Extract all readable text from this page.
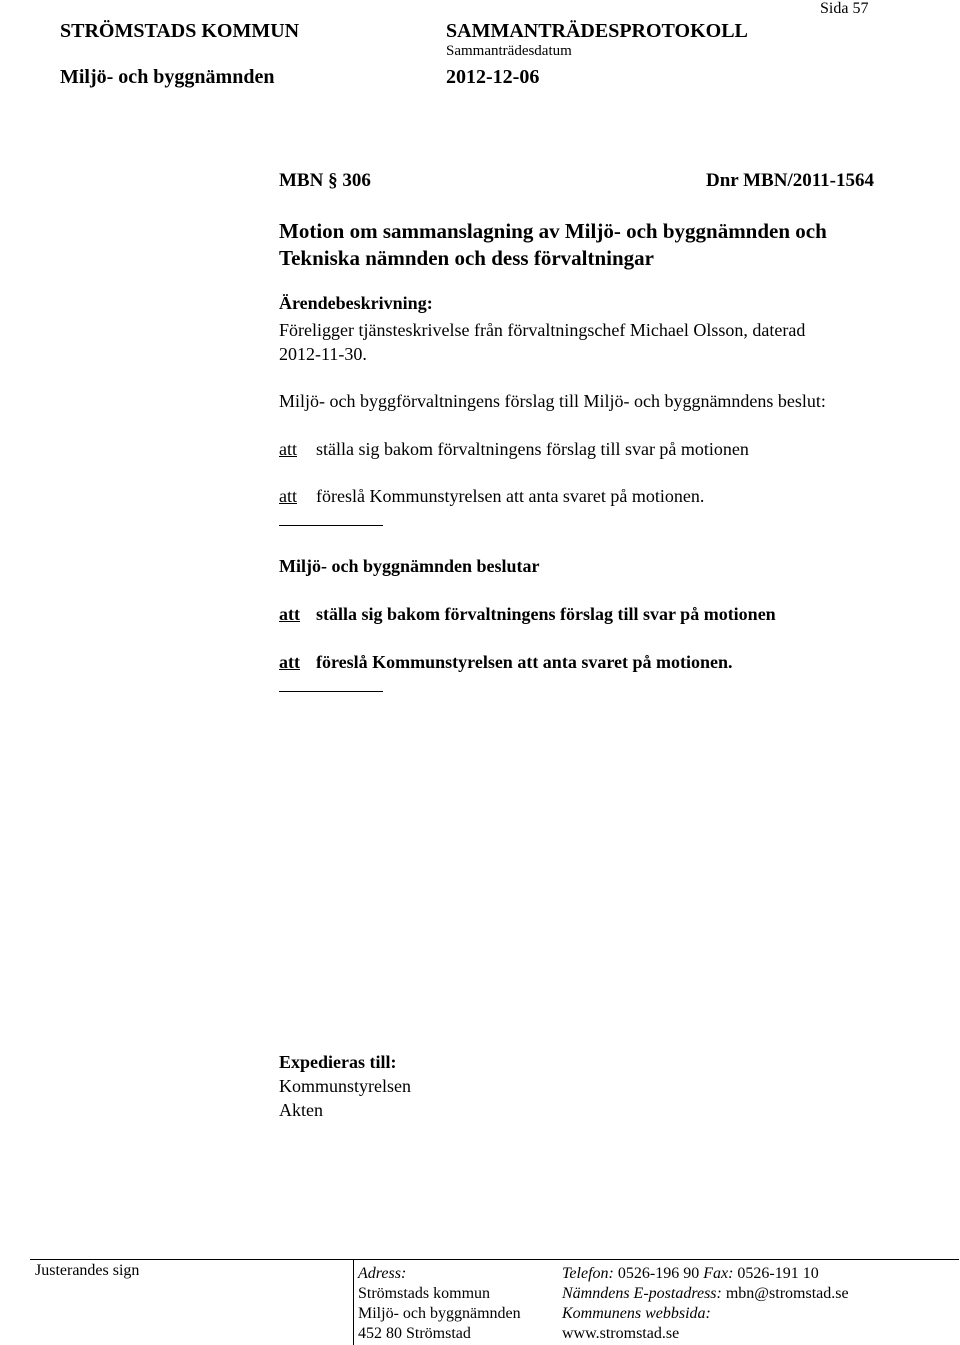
STRÖMSTADS KOMMUN	SAMMANTRÄDESPROTOKOLL
Sida 57
Miljö- och byggnämnden
Sammanträdesdatum
2012-12-06
MBN § 306	Dnr MBN/2011-1564
Motion om sammanslagning av Miljö- och byggnämnden och
Tekniska nämnden och dess förvaltningar
Ärendebeskrivning:
Föreligger tjänsteskrivelse från förvaltningschef Michael Olsson, daterad
2012-11-30.
Miljö- och byggförvaltningens förslag till Miljö- och byggnämndens beslut:
att ställa sig bakom förvaltningens förslag till svar på motionen
att föreslå Kommunstyrelsen att anta svaret på motionen.
Miljö- och byggnämnden beslutar
att ställa sig bakom förvaltningens förslag till svar på motionen
att föreslå Kommunstyrelsen att anta svaret på motionen.
Expedieras till:
Kommunstyrelsen
Akten
Justerandes sign	Adress:
Strömstads kommun
Miljö- och byggnämnden
452 80 Strömstad
Telefon: 0526-196 90 Fax: 0526-191 10
Nämndens E-postadress: mbn@stromstad.se
Kommunens webbsida:
www.stromstad.se
